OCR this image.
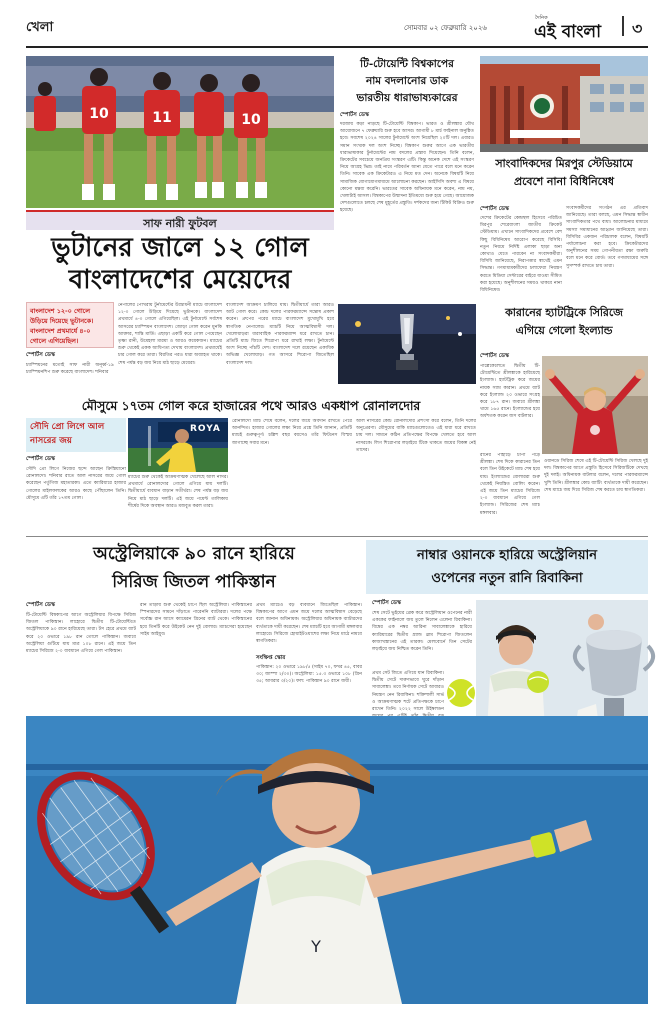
খেলা	সোমবার ০২ ফেব্রুয়ারি ২০২৬
দৈনিক
এই বাংলা ৩
10	11	10
সাফ নারী ফুটবল
ভুটানের জালে ১২ গোল
বাংলাদেশের মেয়েদের
বাংলাদেশ ১২-০ গোলে
উড়িয়ে দিয়েছে ভুটানকে।
বাংলাদেশ প্রথমার্ধে ৪-০
গোলে এগিয়েছিল।
স্পোর্টস ডেস্ক
চ্যাম্পিয়নের মতোই সাফ নারী অনূর্ধ্ব-১৯ চ্যাম্পিয়নশিপ শুরু করেছে বাংলাদেশ। শনিবার
নেপালের পোখরায় টুর্নামেন্টের উদ্বোধনী ম্যাচে বাংলাদেশ ১২-০ গোলে উড়িয়ে দিয়েছে ভুটানকে। বাংলাদেশ প্রথমার্ধে ৪-০ গোলে এগিয়েছিল। এই টুর্নামেন্টে সর্বশেষ আসরের চ্যাম্পিয়ন বাংলাদেশ। জোড়া গোল করেন মুনকি আক্তার, শান্তি মার্ডি। এছাড়া একটি করে গোল পেয়েছেন তৃষ্ণা রানী, উমেহলা মারমা ও আরও কয়েকজন। ম্যাচের শুরু থেকেই একক আধিপত্য দেখায় বাংলাদেশ। প্রথমার্ধেই চার গোল করে তারা। বিরতির পরও ধারা অব্যাহত থাকে। শেষ পর্যন্ত বড় জয় নিয়ে মাঠ ছাড়ে মেয়েরা।
বাংলাদেশ আক্রমণ চালিয়ে যায়। দ্বিতীয়ার্ধে তারা আরও আট গোল করে। কোচ দলের পারফরম্যান্সে সন্তোষ প্রকাশ করেন। গ্রুপের পরের ম্যাচে বাংলাদেশ মুখোমুখি হবে স্বাগতিক নেপালের। ম্যাচটি নিয়ে আত্মবিশ্বাসী দল। খেলোয়াড়রা ধারাবাহিক পারফরম্যান্স ধরে রাখতে চান। প্রতিটি ম্যাচ জিতে শিরোপা ধরে রাখাই লক্ষ্য। টুর্নামেন্টে অংশ নিচ্ছে পাঁচটি দেশ। বাংলাদেশ দলে রয়েছেন একাধিক অভিজ্ঞ খেলোয়াড়। গত আসরে শিরোপা জিতেছিল বাংলাদেশ দল।
টি-টোয়েন্টি বিশ্বকাপের
নাম বদলানোর ডাক
ভারতীয় ধারাভাষ্যকারের
স্পোর্টস ডেস্ক
দরজায় কড়া নাড়ছে টি-টোয়েন্টি বিশ্বকাপ। ভারত ও শ্রীলঙ্কার যৌথ আয়োজনে ৭ ফেব্রুয়ারি শুরু হবে আসর। আগামী ৮ মার্চ ফাইনাল অনুষ্ঠিত হবে। সবশেষ ২০২৪ সালের টুর্নামেন্টে অংশ নিয়েছিল ২০টি দল। এবারও সমান সংখ্যক দল অংশ নিচ্ছে। বিশ্বকাপ শুরুর আগে এক ভারতীয় ধারাভাষ্যকার টুর্নামেন্টের নাম বদলের প্রস্তাব দিয়েছেন। তিনি বলেন, ক্রিকেটের সবচেয়ে জনপ্রিয় সংস্করণ এটি। কিন্তু অনেক দেশে এই সংস্করণ নিয়ে আগ্রহ ভিন্ন। তাই নামে পরিবর্তন আনা যেতে পারে বলে মনে করেন তিনি। সাবেক এক ক্রিকেটারও এ নিয়ে মত দেন। অনেকে বিষয়টি নিয়ে সামাজিক যোগাযোগমাধ্যমে আলোচনা করছেন। আইসিসি অবশ্য এ বিষয়ে কোনো মন্তব্য করেনি। ভারতের সাবেক অধিনায়ক মনে করেন, নাম নয়, খেলাটাই আসল। বিশ্বকাপের উন্মাদনা ইতিমধ্যে শুরু হয়ে গেছে। আয়োজক দেশগুলোতে চলছে শেষ মুহূর্তের প্রস্তুতি। দর্শকদের জন্য টিকিট বিক্রিও শুরু হয়েছে।
সাংবাদিকদের মিরপুর স্টেডিয়ামে
প্রবেশে নানা বিধিনিষেধ
স্পোর্টস ডেস্ক
দেশের ক্রিকেটের কেন্দ্রস্থল হিসেবে পরিচিত মিরপুর শেরেবাংলা জাতীয় ক্রিকেট স্টেডিয়াম। এখানে সাংবাদিকদের প্রবেশে বেশ কিছু বিধিনিষেধ আরোপ করেছে বিসিবি। নতুন নিয়মে নির্দিষ্ট এলাকা ছাড়া অন্য কোথাও যেতে পারবেন না সংবাদকর্মীরা। বিসিবি জানিয়েছে, নিরাপত্তার স্বার্থেই এমন সিদ্ধান্ত। গণমাধ্যমকর্মীদের চলাফেরা নিয়ন্ত্রণ করতে মিডিয়া সেন্টারের বাইরে যাওয়া সীমিত করা হয়েছে। অনুশীলনের সময়ও থাকবে নানা বিধিনিষেধ।
সংবাদকর্মীদের সংগঠন এর প্রতিবাদ জানিয়েছে। তারা বলছে, এমন সিদ্ধান্ত স্বাধীন সাংবাদিকতার পথে বাধা। আলোচনার মাধ্যমে সমস্যা সমাধানের আহ্বান জানিয়েছে তারা। বিসিবির একজন পরিচালক বলেন, বিষয়টি পর্যালোচনা করা হবে। ক্রিকেটারদের অনুশীলনের সময় গোপনীয়তা রক্ষা জরুরি বলে মনে করে বোর্ড। তবে গণমাধ্যমের সঙ্গে সুসম্পর্ক রাখতে চায় তারা।
কারানের হ্যাটট্রিকে সিরিজে
এগিয়ে গেলো ইংল্যান্ড
স্পোর্টস ডেস্ক
পাল্লেকেলেতে দ্বিতীয় টি-টোয়েন্টিতে শ্রীলঙ্কাকে হারিয়েছে ইংল্যান্ড। হ্যাটট্রিক করে জয়ের নায়ক স্যাম কারান। প্রথমে ব্যাট করে ইংল্যান্ড ২০ ওভারে সংগ্রহ করে ১৮৭ রান। জবাবে শ্রীলঙ্কা থামে ১৬৫ রানে। ইংল্যান্ডের হয়ে অর্ধশতক করেন জস বাটলার।
রানের পাহাড়ে চাপা পড়ে শ্রীলঙ্কা। শেষ দিকে কারানের তিন বলে তিন উইকেটে ম্যাচ শেষ হয়ে যায়। ইংল্যান্ডের বোলাররা শুরু থেকেই নিয়ন্ত্রিত বোলিং করেন। এই জয়ে তিন ম্যাচের সিরিজে ২-০ ব্যবধানে এগিয়ে গেল ইংল্যান্ড। সিরিজের শেষ ম্যাচ মঙ্গলবার।
ওয়ানডে সিরিজ শেষে এই টি-টোয়েন্টি সিরিজ খেলছে দুই দল। বিশ্বকাপের আগে প্রস্তুতি হিসেবে সিরিজটিকে দেখছে দুই দলই। অধিনায়ক বাটলার বলেন, দলের পারফরম্যান্সে খুশি তিনি। শ্রীলঙ্কার কোচ ব্যাটিং ব্যর্থতাকে দায়ী করেছেন। শেষ ম্যাচে জয় দিয়ে সিরিজ শেষ করতে চায় স্বাগতিকরা।
মৌসুমে ১৭তম গোল করে হাজারের পথে আরও একধাপ রোনালদোর
সৌদি প্রো লিগে আল
নাসরের জয়
স্পোর্টস ডেস্ক
সৌদি প্রো লিগে নিজের ছন্দে আছেন ক্রিস্তিয়ানো রোনালদো। শনিবার রাতে আল নাসরের জয়ে গোল করেছেন পর্তুগিজ মহাতারকা। এতে ক্যারিয়ারে হাজার গোলের মাইলফলকের আরও কাছে পৌঁছালেন তিনি। মৌসুমে এটি তাঁর ১৭তম গোল।
ROYA
ম্যাচের শুরু থেকেই আক্রমণাত্মক খেলেছে আল নাসর। প্রথমার্ধে রোনালদোর গোলে এগিয়ে যায় দলটি। দ্বিতীয়ার্ধে ব্যবধান বাড়ান সতীর্থরা। শেষ পর্যন্ত বড় জয় নিয়ে মাঠ ছাড়ে দলটি। এই জয়ে পয়েন্ট তালিকায় শীর্ষের দিকে অবস্থান আরও মজবুত করল তারা।
রোনালদো ম্যাচ শেষে বলেন, দলের জয়ে অবদান রাখতে পেরে আনন্দিত। হাজার গোলের লক্ষ্য নিয়ে প্রশ্নে তিনি জানান, প্রতিটি ম্যাচই গুরুত্বপূর্ণ। চল্লিশ বছর বয়সেও তাঁর ফিটনেস বিস্ময় জাগাচ্ছে সবার মনে।
আল নাসরের কোচ রোনালদোর প্রশংসা করে বলেন, তিনি দলের অনুপ্রেরণা। মৌসুমের বাকি ম্যাচগুলোতেও এই ধারা ধরে রাখতে চায় দল। সামনে কঠিন প্রতিপক্ষের বিপক্ষে খেলতে হবে আল নাসরকে। লিগ শিরোপার লড়াইয়ে টিকে থাকতে জয়ের বিকল্প নেই তাদের।
অস্ট্রেলিয়াকে ৯০ রানে হারিয়ে
সিরিজ জিতল পাকিস্তান
স্পোর্টস ডেস্ক
টি-টোয়েন্টি বিশ্বকাপের আগে অস্ট্রেলিয়ার বিপক্ষে সিরিজ জিতল পাকিস্তান। লাহোরে দ্বিতীয় টি-টোয়েন্টিতে অস্ট্রেলিয়াকে ৯০ রানে হারিয়েছে তারা। টস হেরে প্রথমে ব্যাট করে ২০ ওভারে ১৯৮ রান তোলে পাকিস্তান। জবাবে অস্ট্রেলিয়া গুটিয়ে যায় মাত্র ১০৮ রানে। এই জয়ে তিন ম্যাচের সিরিজে ২-০ ব্যবধানে এগিয়ে গেল পাকিস্তান।
রান তাড়ায় শুরু থেকেই চাপে ছিল অস্ট্রেলিয়া। পাকিস্তানের স্পিনারদের সামনে দাঁড়াতে পারেননি ব্যাটাররা। দলের পক্ষে সর্বোচ্চ রান আসে ক্যামেরন গ্রিনের ব্যাট থেকে। পাকিস্তানের হয়ে তিনটি করে উইকেট নেন দুই বোলার। ম্যাচসেরা হয়েছেন সাইম আইয়ুব।
প্রথম ম্যাচেও বড় ব্যবধানে জিতেছিল পাকিস্তান। বিশ্বকাপের আগে এমন জয়ে দলের আত্মবিশ্বাস বেড়েছে বলে জানান অধিনায়ক। অস্ট্রেলিয়ার অধিনায়ক ব্যাটারদের ব্যর্থতাকে দায়ী করেছেন। শেষ ম্যাচটি হবে আগামী মঙ্গলবার লাহোরে। সিরিজে হোয়াইটওয়াশের লক্ষ্য নিয়ে মাঠে নামবে স্বাগতিকরা।
সংক্ষিপ্ত স্কোর
পাকিস্তান: ২০ ওভারে ১৯৮/৫ (সাইম ৭০, ফখর ৪৫, বাবর ৩০; জাম্পা ২/৩০)। অস্ট্রেলিয়া: ১৫.৩ ওভারে ১০৮ (গ্রিন ৩৫; আবরার ৩/২০)। ফল: পাকিস্তান ৯০ রানে জয়ী।
নাম্বার ওয়ানকে হারিয়ে অস্ট্রেলিয়ান
ওপেনের নতুন রানি রিবাকিনা
স্পোর্টস ডেস্ক
শেষ সেটে ভুইয়ের ব্রেক করে অস্ট্রেলিয়ান ওপেনের নারী এককের ফাইনালে জয় তুলে নিলেন এলেনা রিবাকিনা। বিশ্বের এক নম্বর আরিনা সাবালেঙ্কাকে হারিয়ে ক্যারিয়ারের দ্বিতীয় গ্র্যান্ড স্লাম শিরোপা জিতলেন কাজাখস্তানের এই তারকা। মেলবোর্নে তিন সেটের লড়াইয়ে জয় নিশ্চিত করেন তিনি।
প্রথম সেট জিতে এগিয়ে যান রিবাকিনা। দ্বিতীয় সেটে দারুণভাবে ঘুরে দাঁড়ান সাবালেঙ্কা। তবে নির্ণায়ক সেটে আবারও নিয়ন্ত্রণ নেন রিবাকিনা। শক্তিশালী সার্ভ ও আক্রমণাত্মক শটে প্রতিপক্ষকে চাপে রাখেন তিনি। ২০২২ সালে উইম্বলডন
Y
